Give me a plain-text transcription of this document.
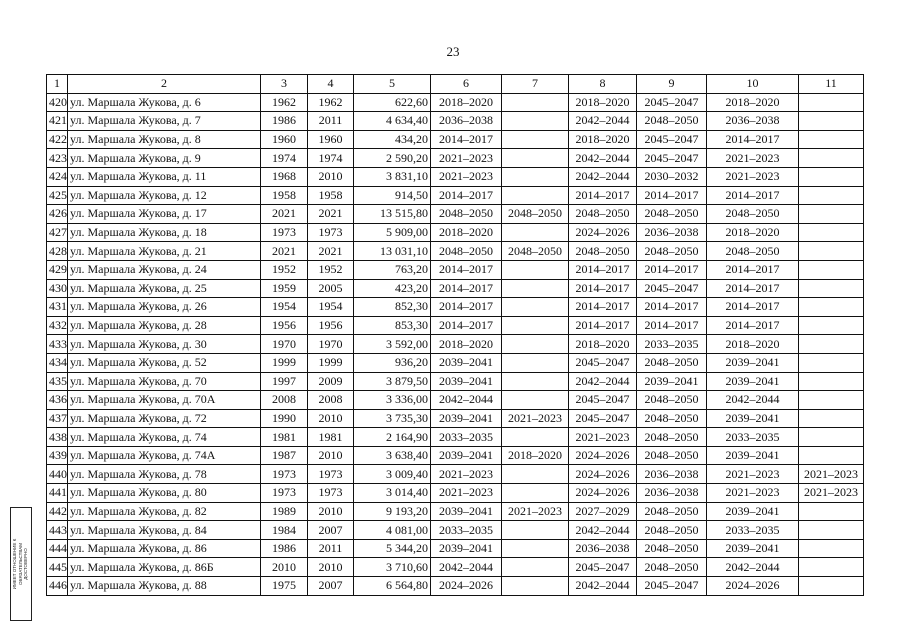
23
1	2	3	4	5	6	7	8	9	10	11
420	ул. Маршала Жукова, д. 6	1962	1962	622,60	2018–2020		2018–2020	2045–2047	2018–2020	
421	ул. Маршала Жукова, д. 7	1986	2011	4 634,40	2036–2038		2042–2044	2048–2050	2036–2038	
422	ул. Маршала Жукова, д. 8	1960	1960	434,20	2014–2017		2018–2020	2045–2047	2014–2017	
423	ул. Маршала Жукова, д. 9	1974	1974	2 590,20	2021–2023		2042–2044	2045–2047	2021–2023	
424	ул. Маршала Жукова, д. 11	1968	2010	3 831,10	2021–2023		2042–2044	2030–2032	2021–2023	
425	ул. Маршала Жукова, д. 12	1958	1958	914,50	2014–2017		2014–2017	2014–2017	2014–2017	
426	ул. Маршала Жукова, д. 17	2021	2021	13 515,80	2048–2050	2048–2050	2048–2050	2048–2050	2048–2050	
427	ул. Маршала Жукова, д. 18	1973	1973	5 909,00	2018–2020		2024–2026	2036–2038	2018–2020	
428	ул. Маршала Жукова, д. 21	2021	2021	13 031,10	2048–2050	2048–2050	2048–2050	2048–2050	2048–2050	
429	ул. Маршала Жукова, д. 24	1952	1952	763,20	2014–2017		2014–2017	2014–2017	2014–2017	
430	ул. Маршала Жукова, д. 25	1959	2005	423,20	2014–2017		2014–2017	2045–2047	2014–2017	
431	ул. Маршала Жукова, д. 26	1954	1954	852,30	2014–2017		2014–2017	2014–2017	2014–2017	
432	ул. Маршала Жукова, д. 28	1956	1956	853,30	2014–2017		2014–2017	2014–2017	2014–2017	
433	ул. Маршала Жукова, д. 30	1970	1970	3 592,00	2018–2020		2018–2020	2033–2035	2018–2020	
434	ул. Маршала Жукова, д. 52	1999	1999	936,20	2039–2041		2045–2047	2048–2050	2039–2041	
435	ул. Маршала Жукова, д. 70	1997	2009	3 879,50	2039–2041		2042–2044	2039–2041	2039–2041	
436	ул. Маршала Жукова, д. 70А	2008	2008	3 336,00	2042–2044		2045–2047	2048–2050	2042–2044	
437	ул. Маршала Жукова, д. 72	1990	2010	3 735,30	2039–2041	2021–2023	2045–2047	2048–2050	2039–2041	
438	ул. Маршала Жукова, д. 74	1981	1981	2 164,90	2033–2035		2021–2023	2048–2050	2033–2035	
439	ул. Маршала Жукова, д. 74А	1987	2010	3 638,40	2039–2041	2018–2020	2024–2026	2048–2050	2039–2041	
440	ул. Маршала Жукова, д. 78	1973	1973	3 009,40	2021–2023		2024–2026	2036–2038	2021–2023	2021–2023
441	ул. Маршала Жукова, д. 80	1973	1973	3 014,40	2021–2023		2024–2026	2036–2038	2021–2023	2021–2023
442	ул. Маршала Жукова, д. 82	1989	2010	9 193,20	2039–2041	2021–2023	2027–2029	2048–2050	2039–2041	
443	ул. Маршала Жукова, д. 84	1984	2007	4 081,00	2033–2035		2042–2044	2048–2050	2033–2035	
444	ул. Маршала Жукова, д. 86	1986	2011	5 344,20	2039–2041		2036–2038	2048–2050	2039–2041	
445	ул. Маршала Жукова, д. 86Б	2010	2010	3 710,60	2042–2044		2045–2047	2048–2050	2042–2044	
446	ул. Маршала Жукова, д. 88	1975	2007	6 564,80	2024–2026		2042–2044	2045–2047	2024–2026	
ИМЕЕТ ОТНОШЕНИЕ К ОБЯЗАТЕЛЬСТВАМ ДОСТОВЕРНО
